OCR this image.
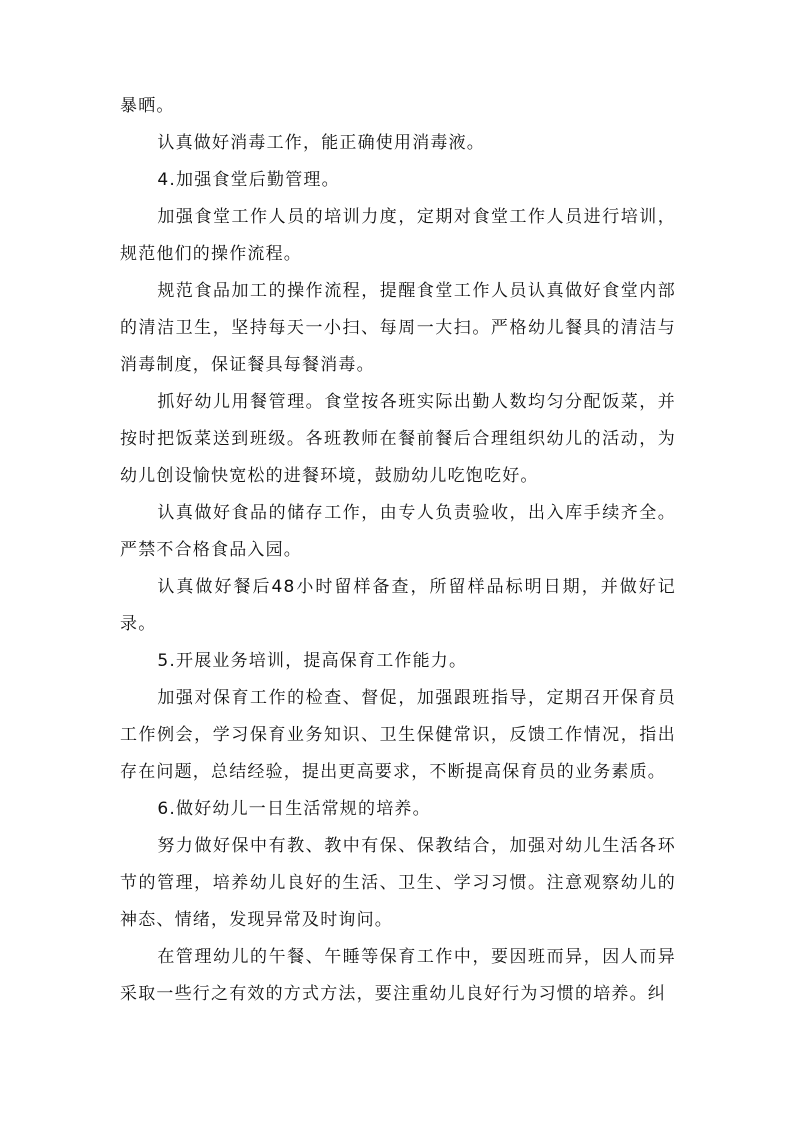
暴晒。

认真做好消毒工作，能正确使用消毒液。

4.加强食堂后勤管理。

加强食堂工作人员的培训力度，定期对食堂工作人员进行培训，规范他们的操作流程。

规范食品加工的操作流程，提醒食堂工作人员认真做好食堂内部的清洁卫生，坚持每天一小扫、每周一大扫。严格幼儿餐具的清洁与消毒制度，保证餐具每餐消毒。

抓好幼儿用餐管理。食堂按各班实际出勤人数均匀分配饭菜，并按时把饭菜送到班级。各班教师在餐前餐后合理组织幼儿的活动，为幼儿创设愉快宽松的进餐环境，鼓励幼儿吃饱吃好。

认真做好食品的储存工作，由专人负责验收，出入库手续齐全。严禁不合格食品入园。

认真做好餐后48小时留样备查，所留样品标明日期，并做好记录。

5.开展业务培训，提高保育工作能力。

加强对保育工作的检查、督促，加强跟班指导，定期召开保育员工作例会，学习保育业务知识、卫生保健常识，反馈工作情况，指出存在问题，总结经验，提出更高要求，不断提高保育员的业务素质。

6.做好幼儿一日生活常规的培养。

努力做好保中有教、教中有保、保教结合，加强对幼儿生活各环节的管理，培养幼儿良好的生活、卫生、学习习惯。注意观察幼儿的神态、情绪，发现异常及时询问。

在管理幼儿的午餐、午睡等保育工作中，要因班而异，因人而异采取一些行之有效的方式方法，要注重幼儿良好行为习惯的培养。纠
